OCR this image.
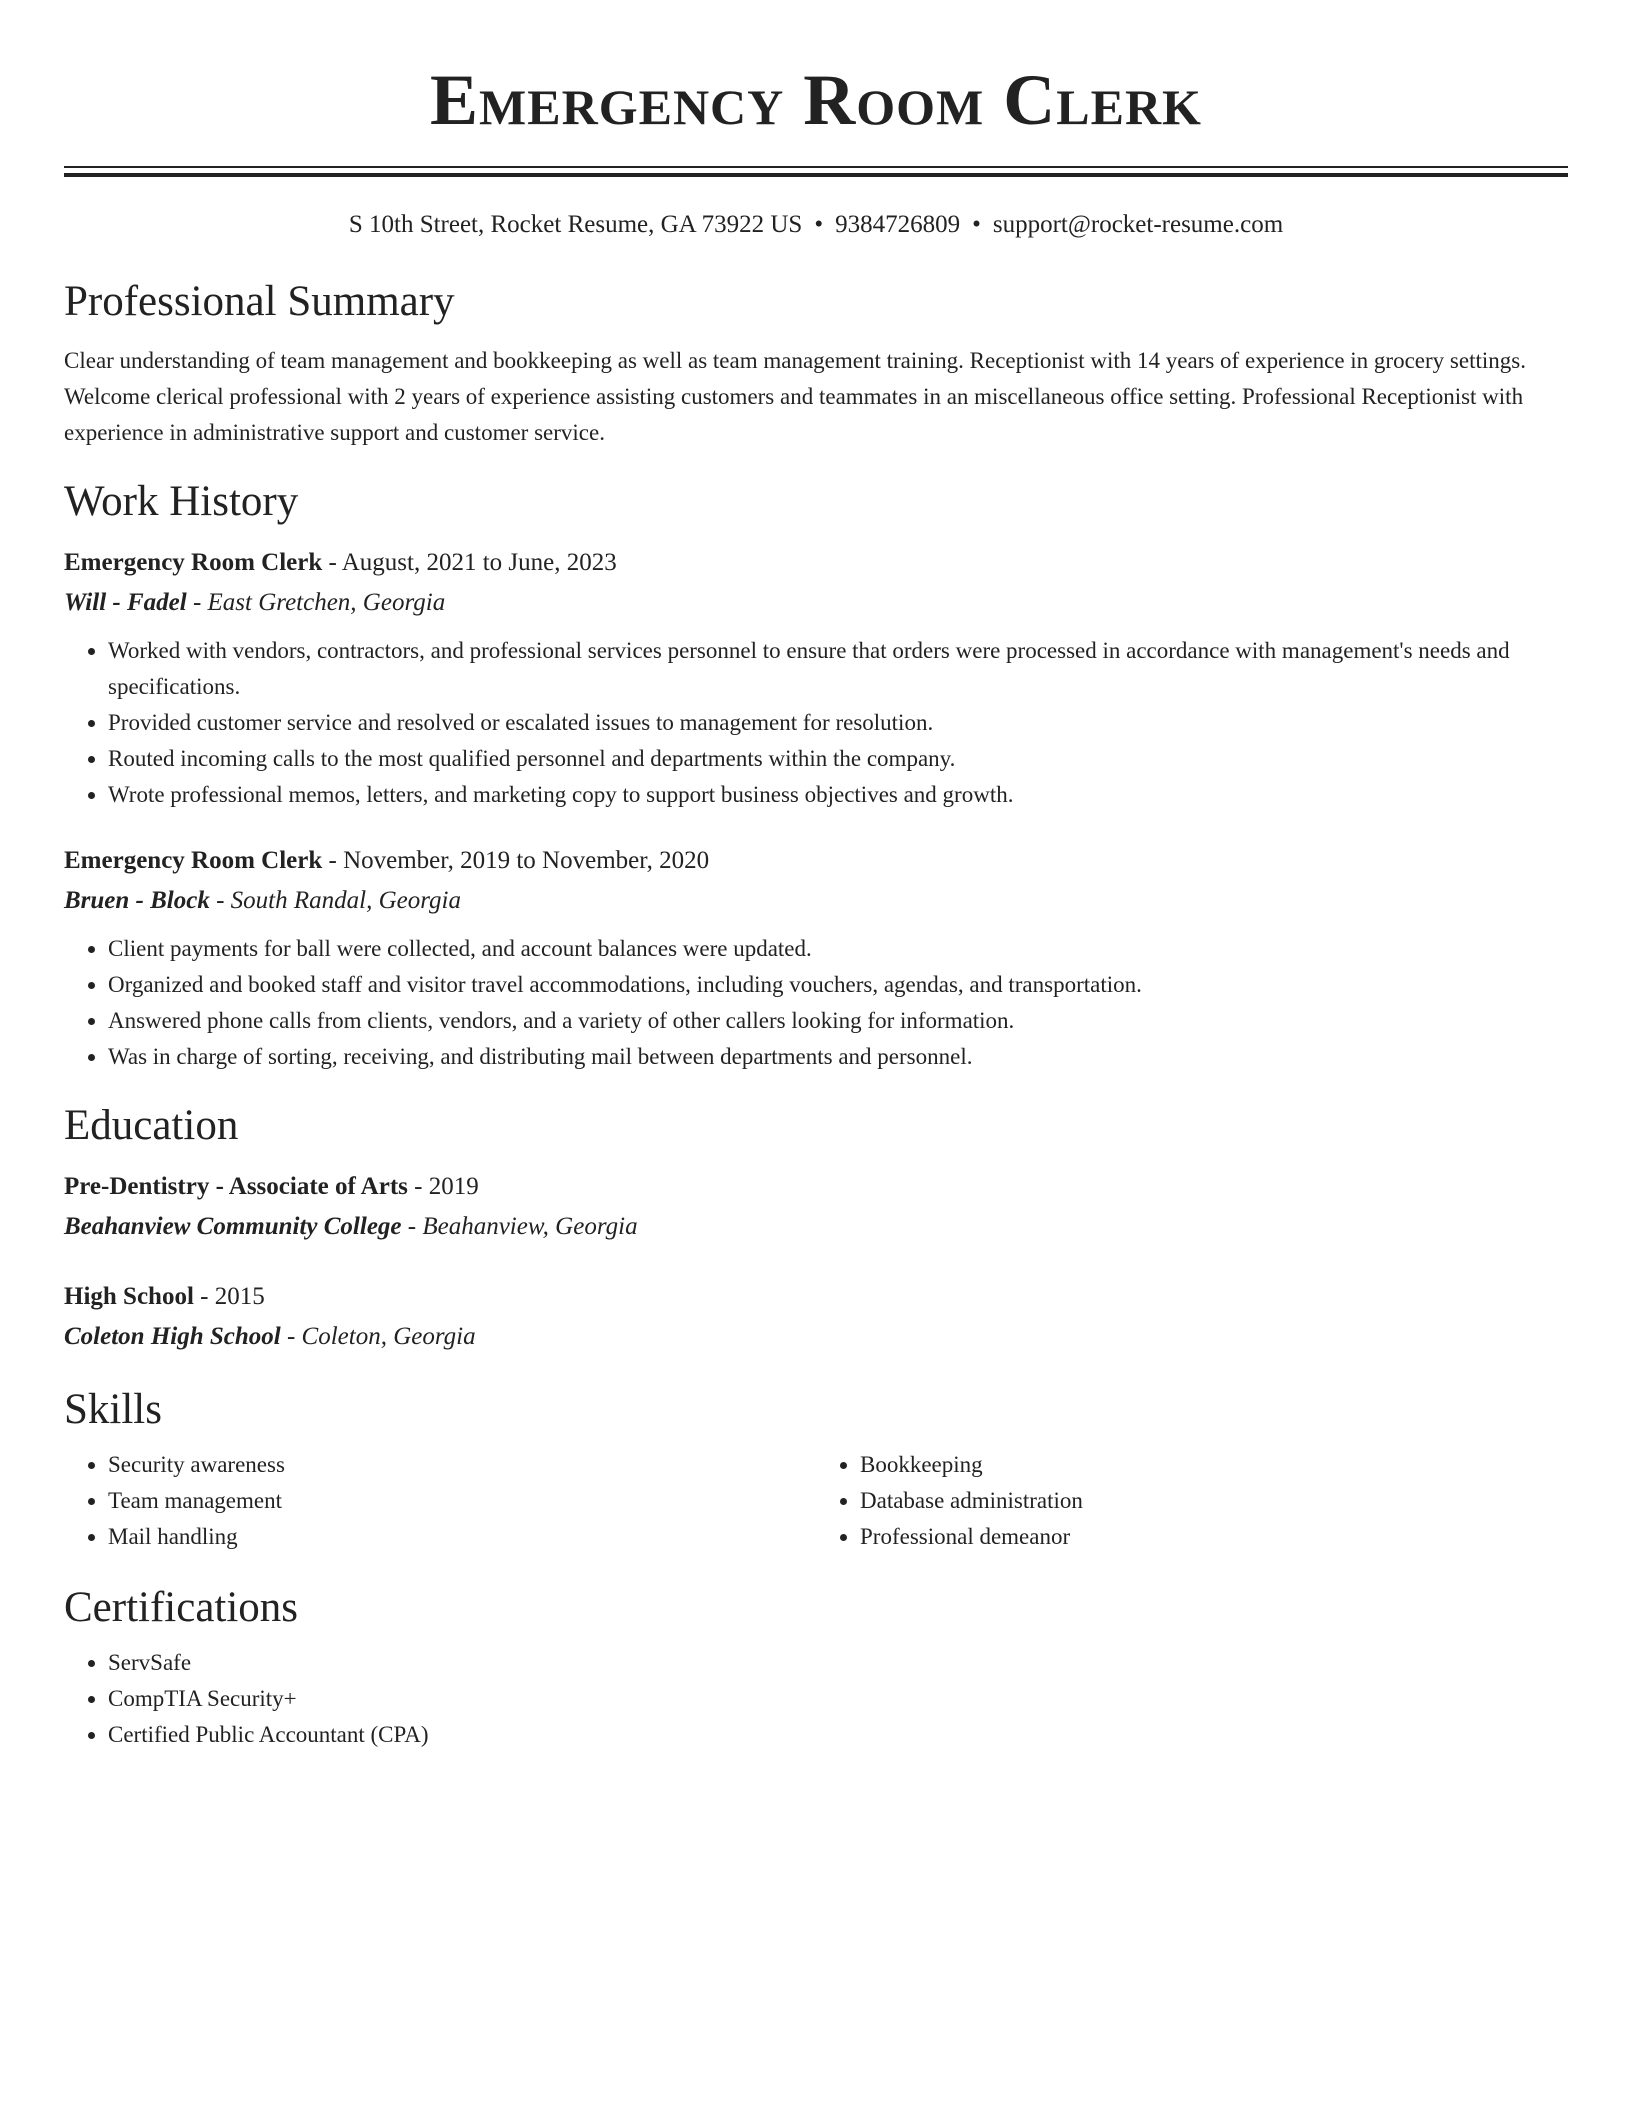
Emergency Room Clerk
S 10th Street, Rocket Resume, GA 73922 US • 9384726809 • support@rocket-resume.com
Professional Summary

Clear understanding of team management and bookkeeping as well as team management training. Receptionist with 14 years of experience in grocery settings. Welcome clerical professional with 2 years of experience assisting customers and teammates in an miscellaneous office setting. Professional Receptionist with experience in administrative support and customer service.

Work History
Emergency Room Clerk - August, 2021 to June, 2023
Will - Fadel - East Gretchen, Georgia
• Worked with vendors, contractors, and professional services personnel to ensure that orders were processed in accordance with management's needs and specifications.
• Provided customer service and resolved or escalated issues to management for resolution.
• Routed incoming calls to the most qualified personnel and departments within the company.
• Wrote professional memos, letters, and marketing copy to support business objectives and growth.
Emergency Room Clerk - November, 2019 to November, 2020
Bruen - Block - South Randal, Georgia
• Client payments for ball were collected, and account balances were updated.
• Organized and booked staff and visitor travel accommodations, including vouchers, agendas, and transportation.
• Answered phone calls from clients, vendors, and a variety of other callers looking for information.
• Was in charge of sorting, receiving, and distributing mail between departments and personnel.
Education
Pre-Dentistry - Associate of Arts - 2019
Beahanview Community College - Beahanview, Georgia
High School - 2015
Coleton High School - Coleton, Georgia
Skills
• Security awareness
• Team management
• Mail handling
• Bookkeeping
• Database administration
• Professional demeanor
Certifications
• ServSafe
• CompTIA Security+
• Certified Public Accountant (CPA)
